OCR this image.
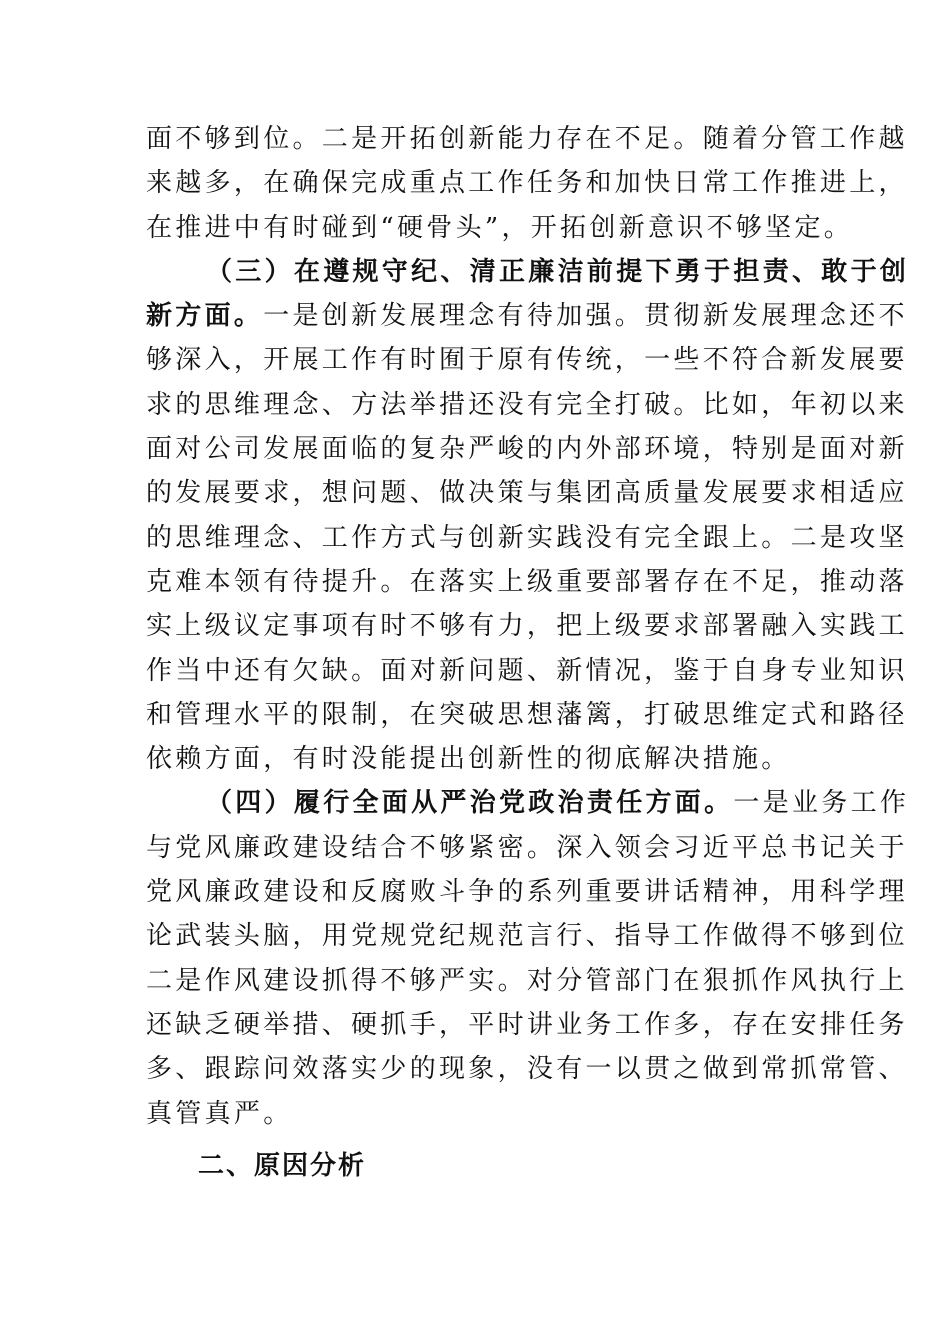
面不够到位。二是开拓创新能力存在不足。随着分管工作越
来越多，在确保完成重点工作任务和加快日常工作推进上，
在推进中有时碰到“硬骨头”，开拓创新意识不够坚定。
（三）在遵规守纪、清正廉洁前提下勇于担责、敢于创
新方面。一是创新发展理念有待加强。贯彻新发展理念还不
够深入，开展工作有时囿于原有传统，一些不符合新发展要
求的思维理念、方法举措还没有完全打破。比如，年初以来
面对公司发展面临的复杂严峻的内外部环境，特别是面对新
的发展要求，想问题、做决策与集团高质量发展要求相适应
的思维理念、工作方式与创新实践没有完全跟上。二是攻坚
克难本领有待提升。在落实上级重要部署存在不足，推动落
实上级议定事项有时不够有力，把上级要求部署融入实践工
作当中还有欠缺。面对新问题、新情况，鉴于自身专业知识
和管理水平的限制，在突破思想藩篱，打破思维定式和路径
依赖方面，有时没能提出创新性的彻底解决措施。
（四）履行全面从严治党政治责任方面。一是业务工作
与党风廉政建设结合不够紧密。深入领会习近平总书记关于
党风廉政建设和反腐败斗争的系列重要讲话精神，用科学理
论武装头脑，用党规党纪规范言行、指导工作做得不够到位
二是作风建设抓得不够严实。对分管部门在狠抓作风执行上
还缺乏硬举措、硬抓手，平时讲业务工作多，存在安排任务
多、跟踪问效落实少的现象，没有一以贯之做到常抓常管、
真管真严。
二、原因分析
